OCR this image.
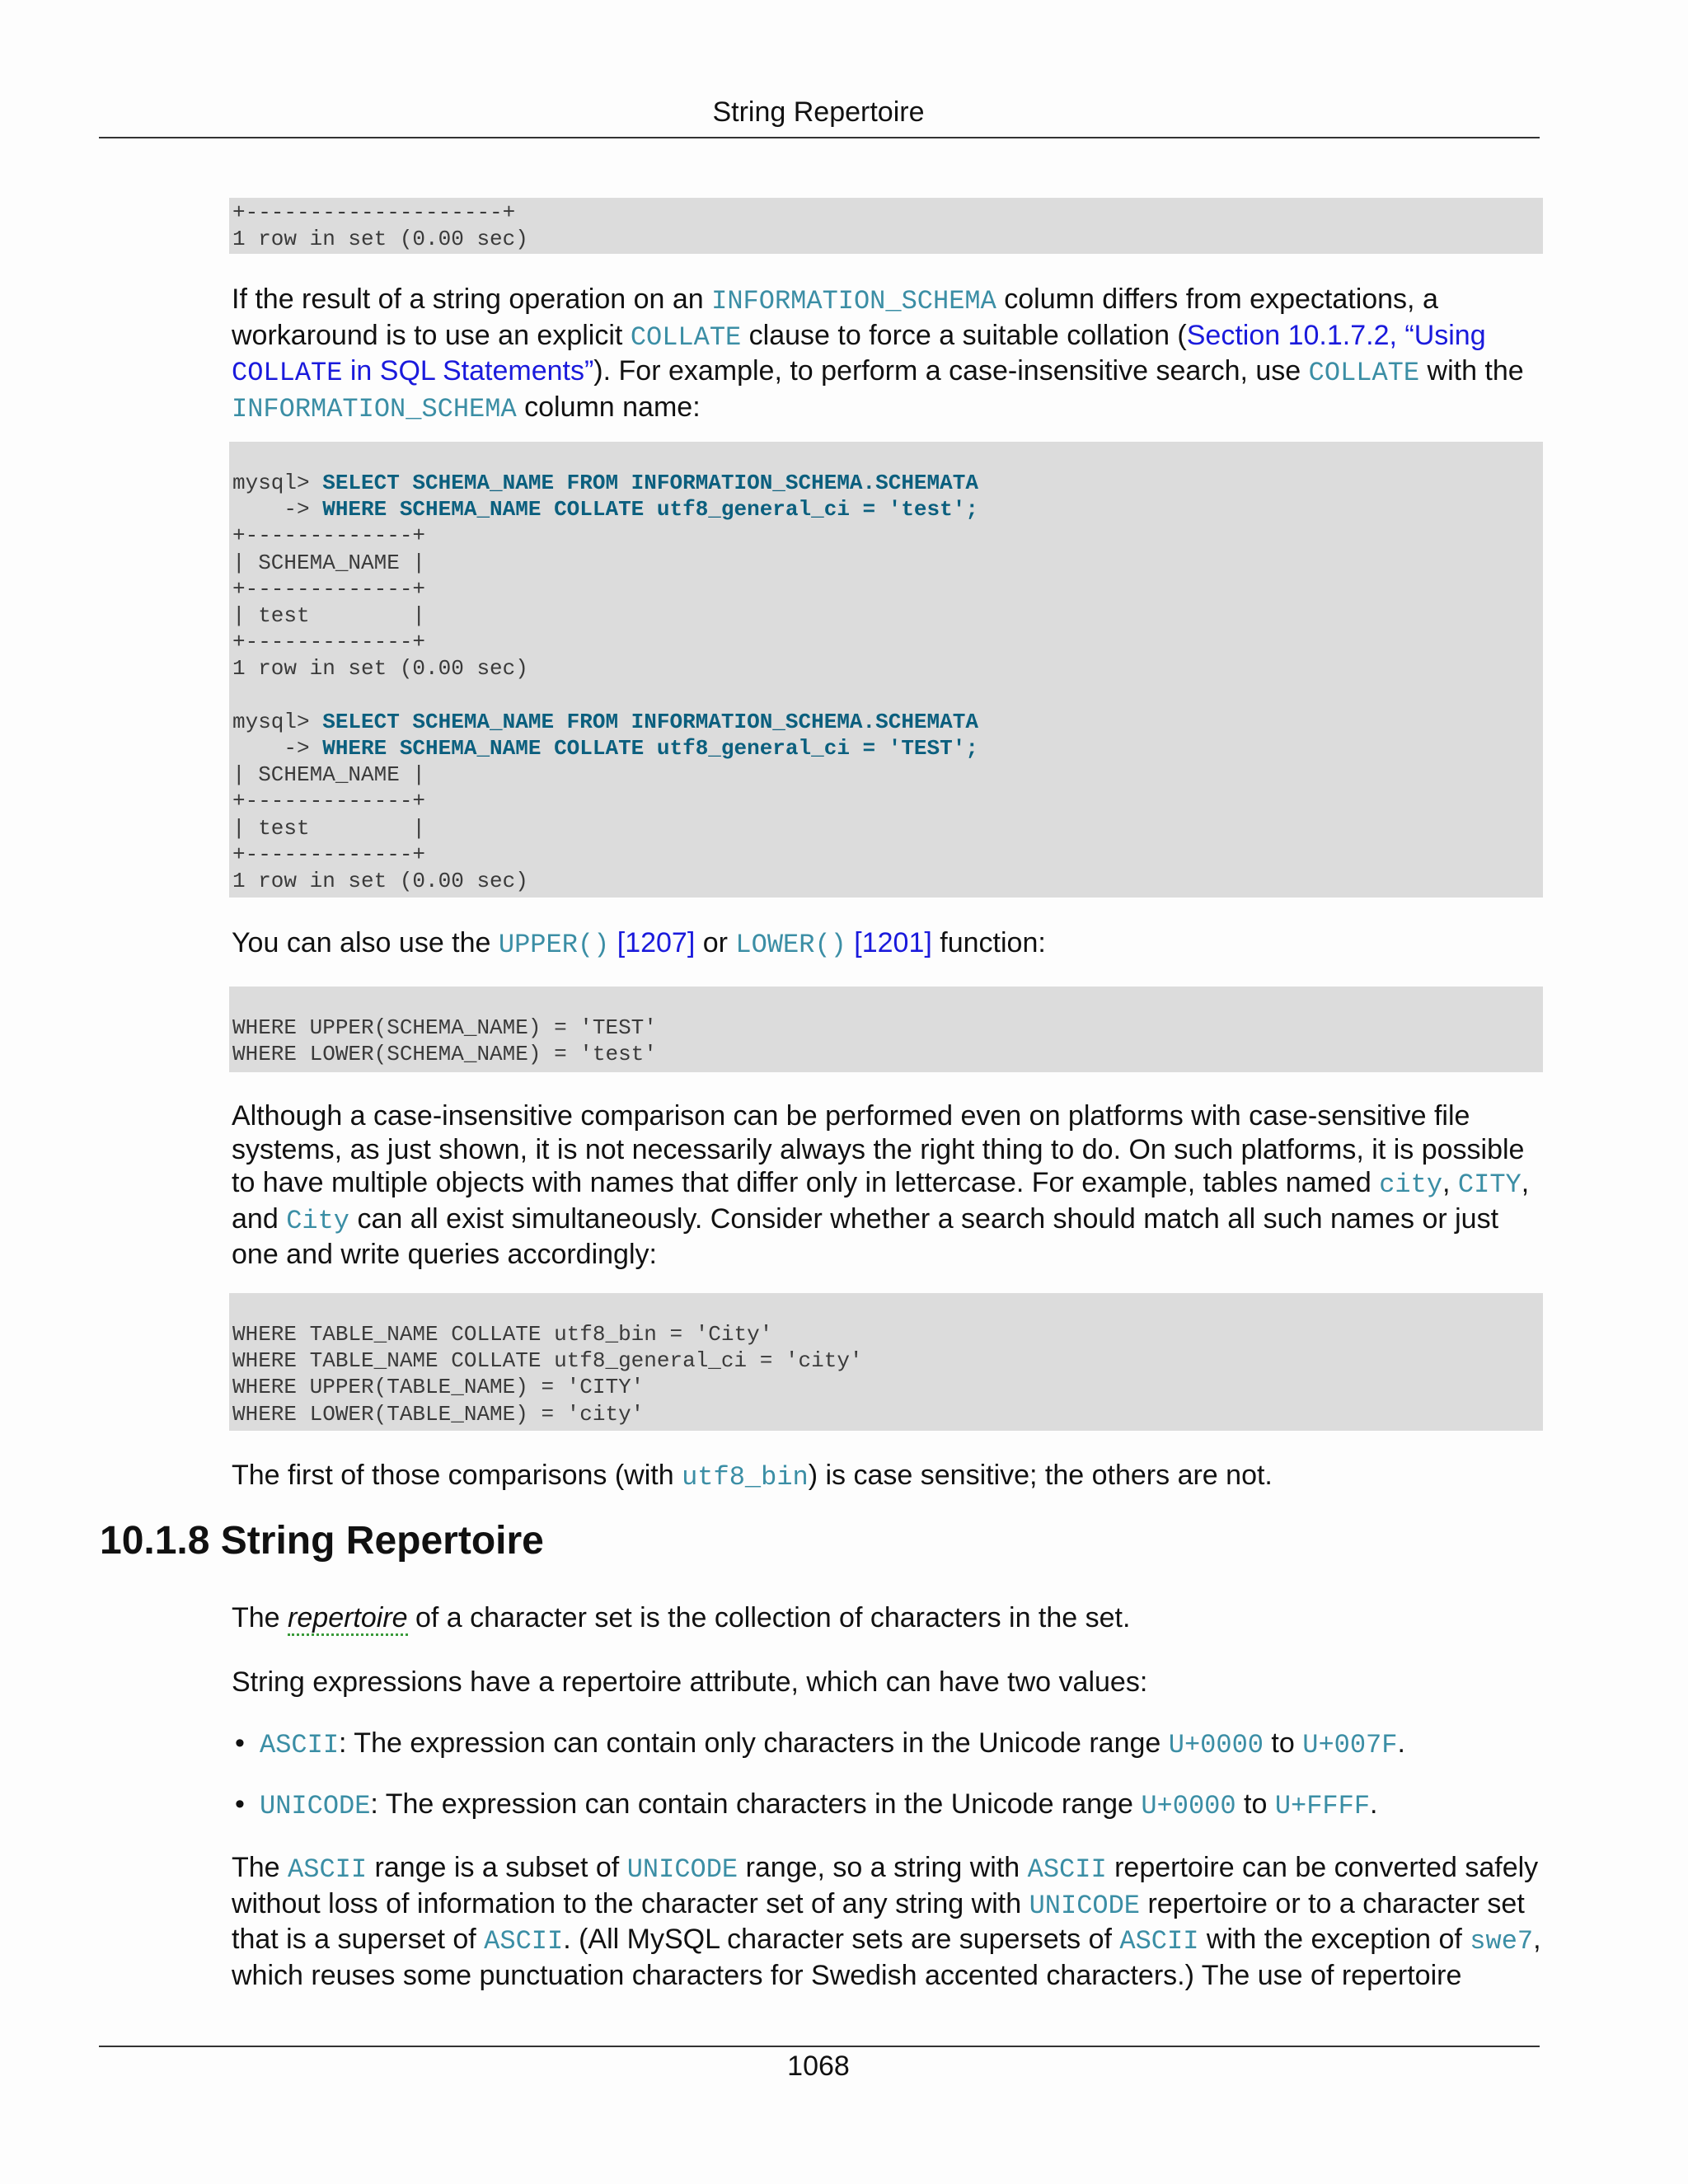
String Repertoire
+--------------------+
1 row in set (0.00 sec)

If the result of a string operation on an INFORMATION_SCHEMA column differs from expectations, a workaround is to use an explicit COLLATE clause to force a suitable collation (Section 10.1.7.2, “Using COLLATE in SQL Statements”). For example, to perform a case-insensitive search, use COLLATE with the INFORMATION_SCHEMA column name:

mysql> SELECT SCHEMA_NAME FROM INFORMATION_SCHEMA.SCHEMATA
-> WHERE SCHEMA_NAME COLLATE utf8_general_ci = 'test';
+-------------+
| SCHEMA_NAME |
+-------------+
| test        |
+-------------+
1 row in set (0.00 sec)

mysql> SELECT SCHEMA_NAME FROM INFORMATION_SCHEMA.SCHEMATA
-> WHERE SCHEMA_NAME COLLATE utf8_general_ci = 'TEST';
| SCHEMA_NAME |
+-------------+
| test        |
+-------------+
1 row in set (0.00 sec)

You can also use the UPPER() [1207] or LOWER() [1201] function:

WHERE UPPER(SCHEMA_NAME) = 'TEST'
WHERE LOWER(SCHEMA_NAME) = 'test'

Although a case-insensitive comparison can be performed even on platforms with case-sensitive file systems, as just shown, it is not necessarily always the right thing to do. On such platforms, it is possible to have multiple objects with names that differ only in lettercase. For example, tables named city, CITY, and City can all exist simultaneously. Consider whether a search should match all such names or just one and write queries accordingly:

WHERE TABLE_NAME COLLATE utf8_bin = 'City'
WHERE TABLE_NAME COLLATE utf8_general_ci = 'city'
WHERE UPPER(TABLE_NAME) = 'CITY'
WHERE LOWER(TABLE_NAME) = 'city'

The first of those comparisons (with utf8_bin) is case sensitive; the others are not.

10.1.8 String Repertoire

The repertoire of a character set is the collection of characters in the set.

String expressions have a repertoire attribute, which can have two values:

• ASCII: The expression can contain only characters in the Unicode range U+0000 to U+007F.
• UNICODE: The expression can contain characters in the Unicode range U+0000 to U+FFFF.

The ASCII range is a subset of UNICODE range, so a string with ASCII repertoire can be converted safely without loss of information to the character set of any string with UNICODE repertoire or to a character set that is a superset of ASCII. (All MySQL character sets are supersets of ASCII with the exception of swe7, which reuses some punctuation characters for Swedish accented characters.) The use of repertoire

1068
